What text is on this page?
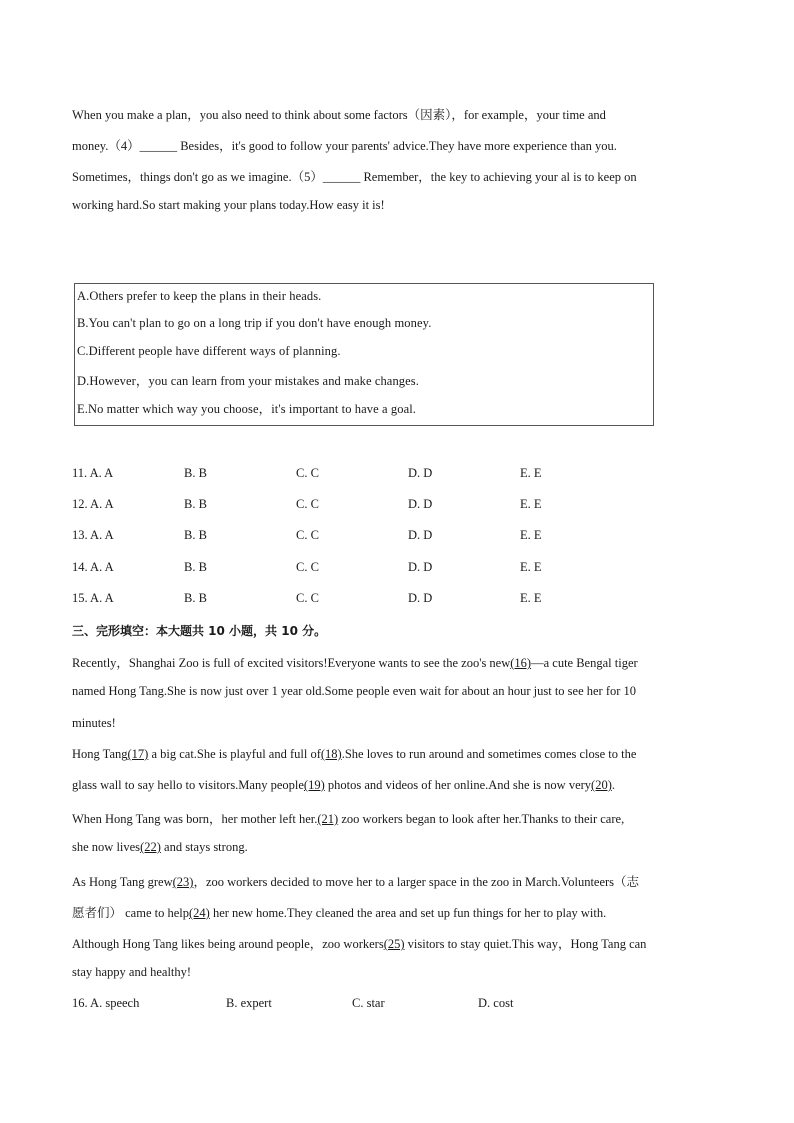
When you make a plan，you also need to think about some factors（因素），for example，your time and
money.（4）______ Besides，it's good to follow your parents' advice.They have more experience than you.
Sometimes，things don't go as we imagine.（5）______ Remember，the key to achieving your al is to keep on
working hard.So start making your plans today.How easy it is!
A.Others prefer to keep the plans in their heads.
B.You can't plan to go on a long trip if you don't have enough money.
C.Different people have different ways of planning.
D.However，you can learn from your mistakes and make changes.
E.No matter which way you choose，it's important to have a goal.
11. A. A	B. B	C. C	D. D	E. E
12. A. A	B. B	C. C	D. D	E. E
13. A. A	B. B	C. C	D. D	E. E
14. A. A	B. B	C. C	D. D	E. E
15. A. A	B. B	C. C	D. D	E. E
三、完形填空：本大题共 10 小题，共 10 分。
Recently，Shanghai Zoo is full of excited visitors!Everyone wants to see the zoo's new(16)—a cute Bengal tiger
named Hong Tang.She is now just over 1 year old.Some people even wait for about an hour just to see her for 10
minutes!
Hong Tang(17) a big cat.She is playful and full of(18).She loves to run around and sometimes comes close to the
glass wall to say hello to visitors.Many people(19) photos and videos of her online.And she is now very(20).
When Hong Tang was born，her mother left her.(21) zoo workers began to look after her.Thanks to their care,
she now lives(22) and stays strong.
As Hong Tang grew(23)，zoo workers decided to move her to a larger space in the zoo in March.Volunteers（志
愿者们） came to help(24) her new home.They cleaned the area and set up fun things for her to play with.
Although Hong Tang likes being around people，zoo workers(25) visitors to stay quiet.This way，Hong Tang can
stay happy and healthy!
16. A. speech	B. expert	C. star	D. cost
